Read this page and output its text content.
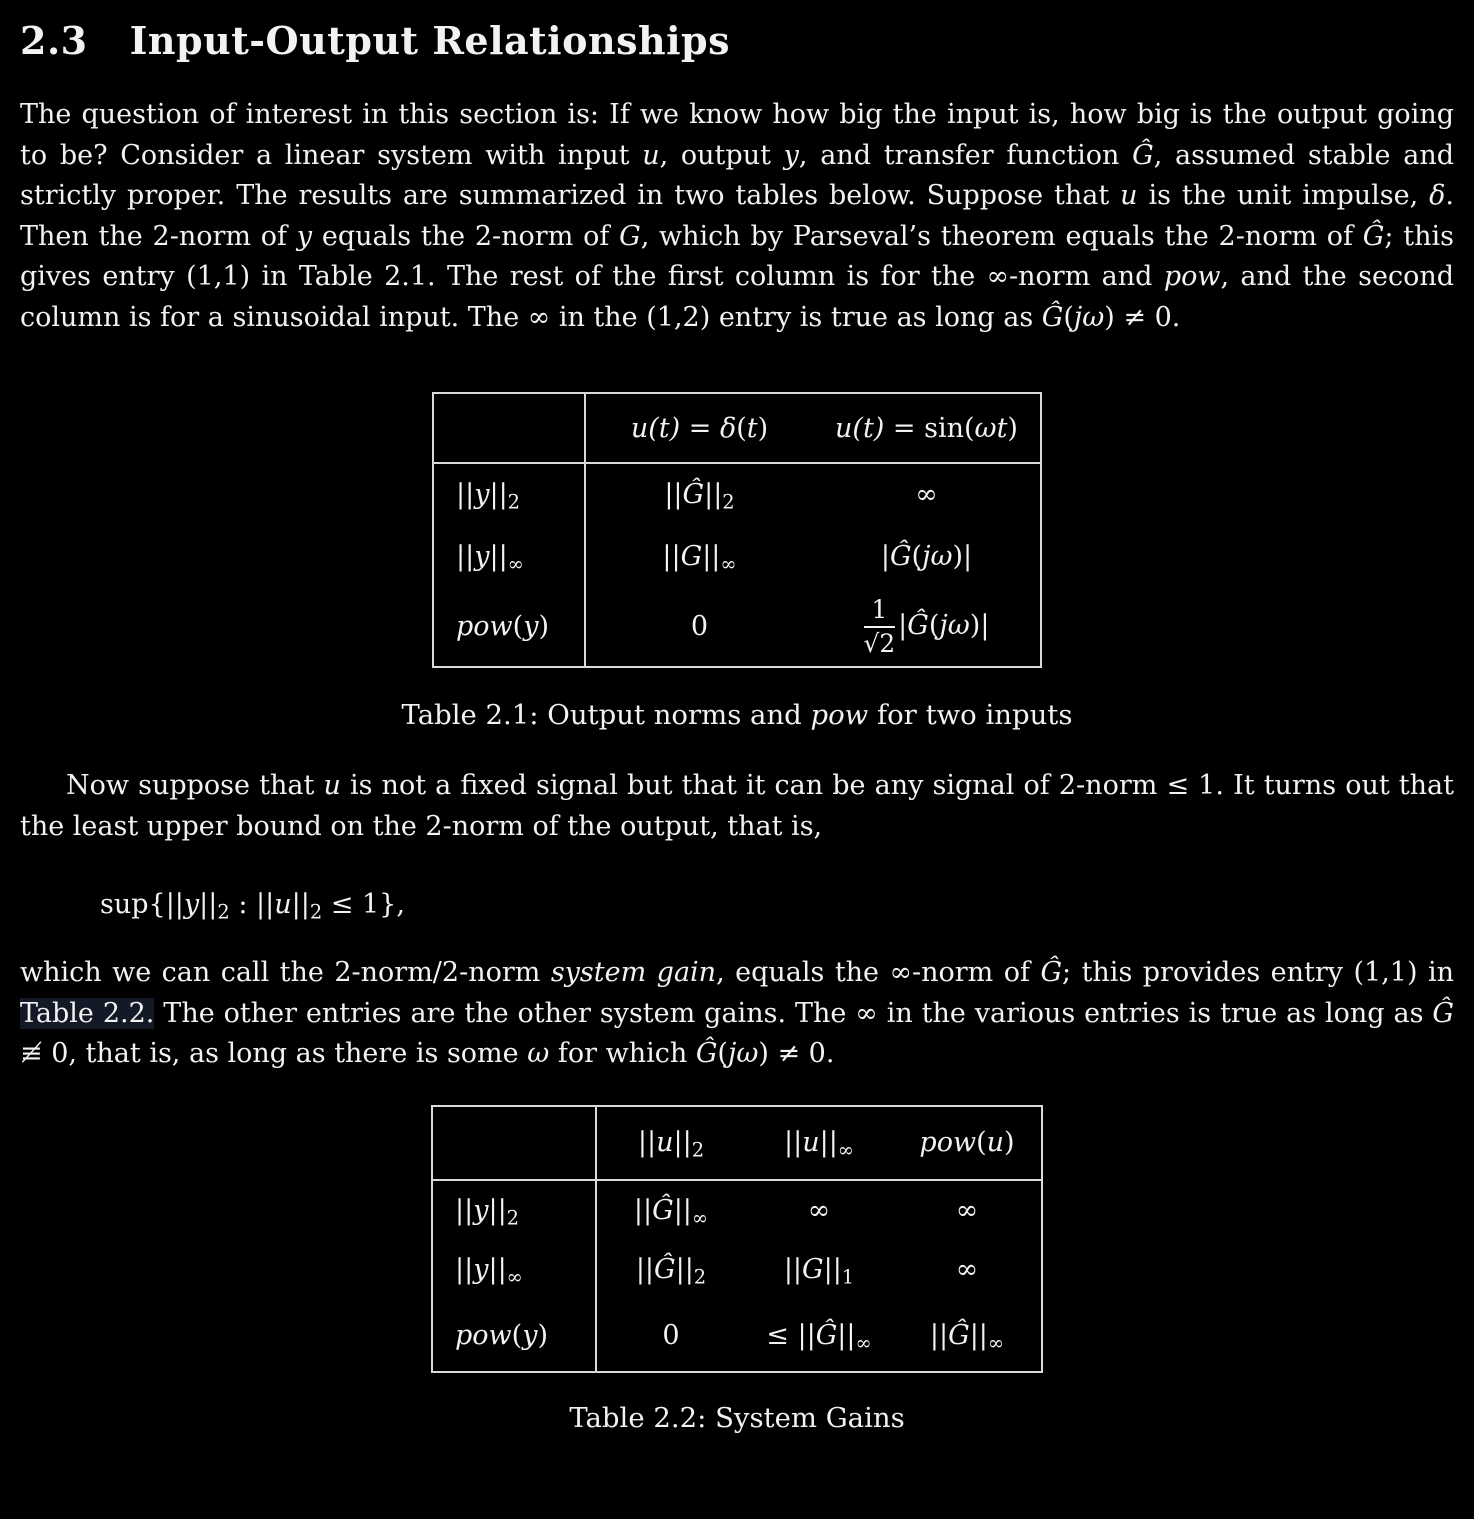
2.3 Input-Output Relationships

The question of interest in this section is: If we know how big the input is, how big is the output going to be? Consider a linear system with input u, output y, and transfer function Ĝ, assumed stable and strictly proper. The results are summarized in two tables below. Suppose that u is the unit impulse, δ. Then the 2-norm of y equals the 2-norm of G, which by Parseval’s theorem equals the 2-norm of Ĝ; this gives entry (1,1) in Table 2.1. The rest of the first column is for the ∞-norm and pow, and the second column is for a sinusoidal input. The ∞ in the (1,2) entry is true as long as Ĝ(jω) ≠ 0.

	u(t) = δ(t)	u(t) = sin(ωt)
$||y||_2$	$||Ĝ||_2$	∞
$||y||_\infty$	$||G||_\infty$	|Ĝ(jω)|
pow(y)	0	$\frac{1}{√2}$ |Ĝ(jω)|
Table 2.1: Output norms and pow for two inputs

Now suppose that u is not a fixed signal but that it can be any signal of 2-norm ≤ 1. It turns out that the least upper bound on the 2-norm of the output, that is,

$sup\{||y||_2$ : $||u||_2 \le 1$},

which we can call the 2-norm/2-norm system gain, equals the ∞-norm of Ĝ; this provides entry (1,1) in Table 2.2. The other entries are the other system gains. The ∞ in the various entries is true as long as Ĝ ≢ 0, that is, as long as there is some ω for which Ĝ(jω) ≠ 0.

	$||u||_2$	$||u||_\infty$	pow(u)
$||y||_2$	$||Ĝ||_\infty$	∞	∞
$||y||_\infty$	$||Ĝ||_2$	$||G||_1$	∞
pow(y)	0	≤ $||Ĝ||_\infty$	$||Ĝ||_\infty$
Table 2.2: System Gains
